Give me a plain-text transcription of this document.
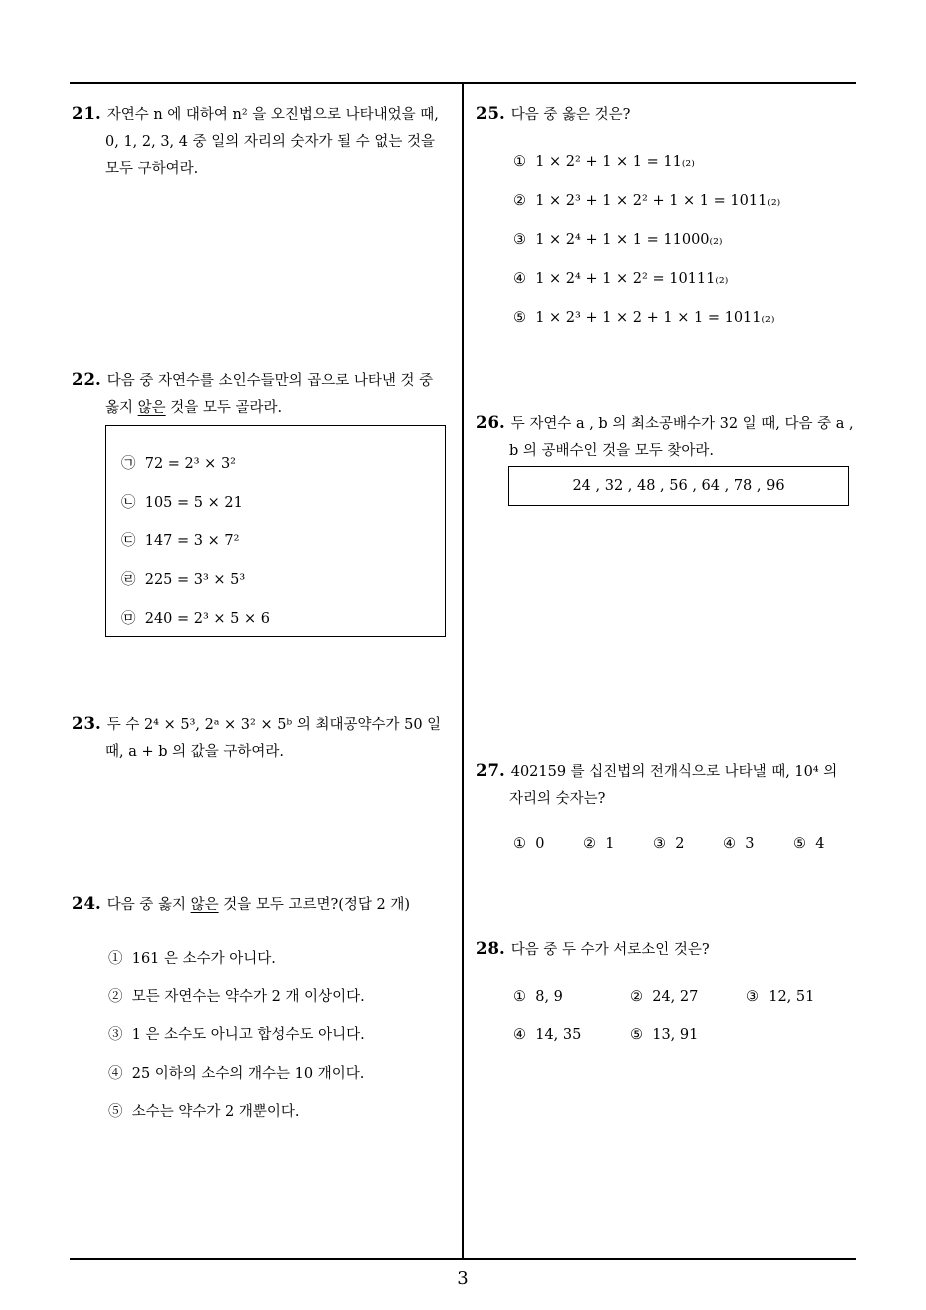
21. 자연수 n 에 대하여 n² 을 오진법으로 나타내었을 때,
0, 1, 2, 3, 4 중 일의 자리의 숫자가 될 수 없는 것을
모두 구하여라.
22. 다음 중 자연수를 소인수들만의 곱으로 나타낸 것 중
옳지 않은 것을 모두 골라라.
㉠ 72 = 2³ × 3²
㉡ 105 = 5 × 21
㉢ 147 = 3 × 7²
㉣ 225 = 3³ × 5³
㉤ 240 = 2³ × 5 × 6
23. 두 수 2⁴ × 5³, 2ᵃ × 3² × 5ᵇ 의 최대공약수가 50 일
때, a + b 의 값을 구하여라.
24. 다음 중 옳지 않은 것을 모두 고르면?(정답 2 개)
① 161 은 소수가 아니다.
② 모든 자연수는 약수가 2 개 이상이다.
③ 1 은 소수도 아니고 합성수도 아니다.
④ 25 이하의 소수의 개수는 10 개이다.
⑤ 소수는 약수가 2 개뿐이다.
25. 다음 중 옳은 것은?
① 1 × 2² + 1 × 1 = 11₍₂₎
② 1 × 2³ + 1 × 2² + 1 × 1 = 1011₍₂₎
③ 1 × 2⁴ + 1 × 1 = 11000₍₂₎
④ 1 × 2⁴ + 1 × 2² = 10111₍₂₎
⑤ 1 × 2³ + 1 × 2 + 1 × 1 = 1011₍₂₎
26. 두 자연수 a , b 의 최소공배수가 32 일 때, 다음 중 a ,
b 의 공배수인 것을 모두 찾아라.
24 , 32 , 48 , 56 , 64 , 78 , 96
27. 402159 를 십진법의 전개식으로 나타낼 때, 10⁴ 의
자리의 숫자는?
① 0	② 1	③ 2	④ 3	⑤ 4
28. 다음 중 두 수가 서로소인 것은?
① 8, 9	② 24, 27	③ 12, 51
④ 14, 35	⑤ 13, 91
3
